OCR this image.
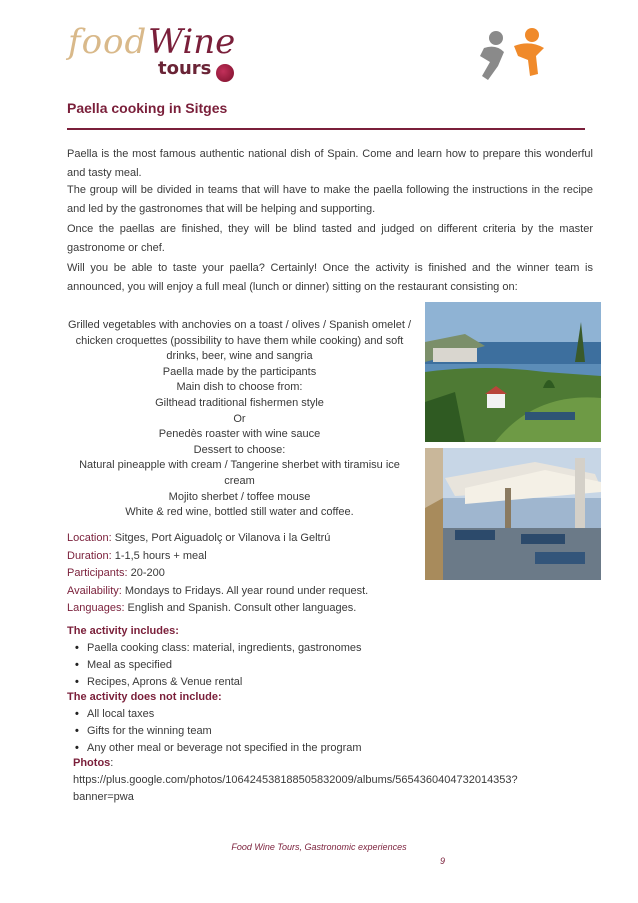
food Wine
tours
Paella cooking in Sitges

Paella is the most famous authentic national dish of Spain. Come and learn how to prepare this wonderful and tasty meal.

The group will be divided in teams that will have to make the paella following the instructions in the recipe and led by the gastronomes that will be helping and supporting.

Once the paellas are finished, they will be blind tasted and judged on different criteria by the master gastronome or chef.

Will you be able to taste your paella? Certainly! Once the activity is finished and the winner team is announced, you will enjoy a full meal (lunch or dinner) sitting on the restaurant consisting on:

Grilled vegetables with anchovies on a toast / olives / Spanish omelet / chicken croquettes (possibility to have them while cooking) and soft drinks, beer, wine and sangria
Paella made by the participants
Main dish to choose from:
Gilthead traditional fishermen style
Or
Penedès roaster with wine sauce
Dessert to choose:
Natural pineapple with cream / Tangerine sherbet with tiramisu ice cream
Mojito sherbet / toffee mouse
White & red wine, bottled still water and coffee.
Location: Sitges, Port Aiguadolç or Vilanova i la Geltrú
Duration: 1-1,5 hours + meal
Participants: 20-200
Availability: Mondays to Fridays. All year round under request.
Languages: English and Spanish. Consult other languages.
The activity includes:
• Paella cooking class: material, ingredients, gastronomes
• Meal as specified
• Recipes, Aprons & Venue rental
The activity does not include:
• All local taxes
• Gifts for the winning team
• Any other meal or beverage not specified in the program
Photos:
https://plus.google.com/photos/106424538188505832009/albums/5654360404732014353?
banner=pwa
Food Wine Tours, Gastronomic experiences
9
